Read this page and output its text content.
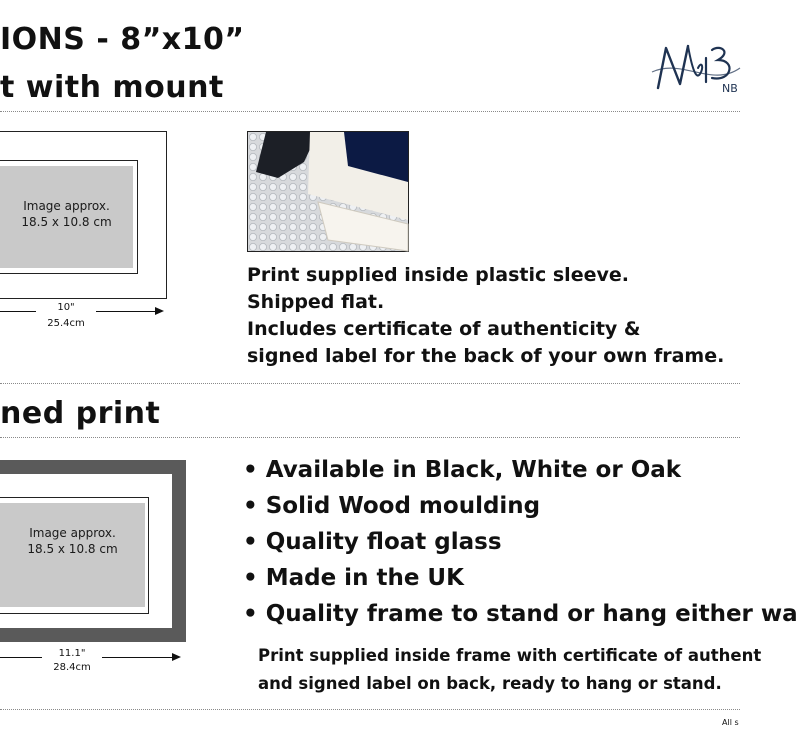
IONS - 8”x10”
t with mount	NB
Image approx.
18.5 x 10.8 cm
10"
25.4cm
Print supplied inside plastic sleeve.
Shipped flat.
Includes certificate of authenticity &
signed label for the back of your own frame.
ned print
Image approx.
18.5 x 10.8 cm
11.1"
28.4cm
• Available in Black, White or Oak
• Solid Wood moulding
• Quality float glass
• Made in the UK
• Quality frame to stand or hang either wa
Print supplied inside frame with certificate of authent
and signed label on back, ready to hang or stand.
All s
